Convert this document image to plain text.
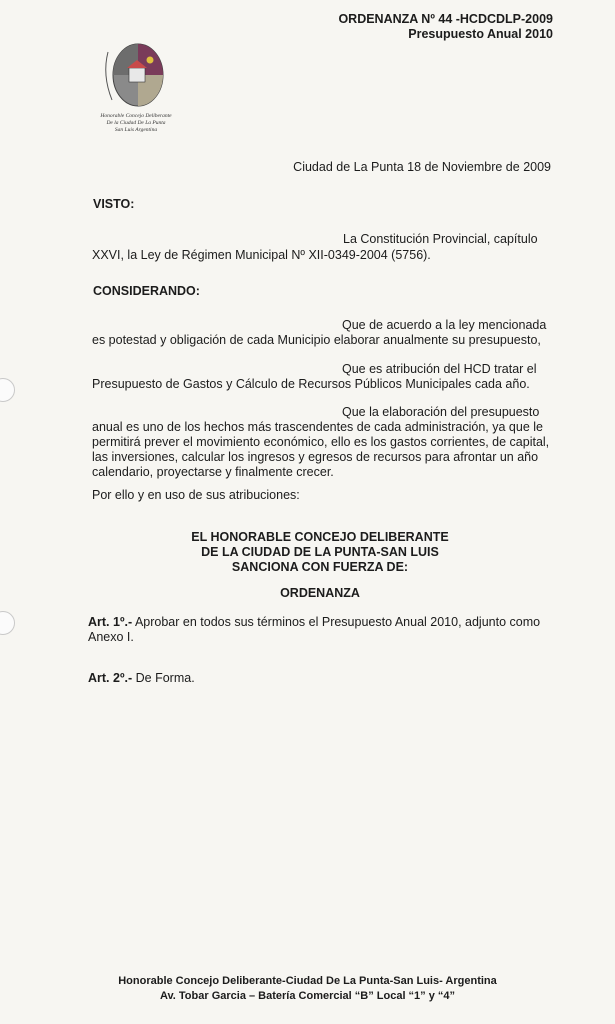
ORDENANZA Nº 44 -HCDCDLP-2009
Presupuesto Anual 2010
Honorable Concejo Deliberante
De la Ciudad De La Punta
San Luis Argentina
Ciudad de La Punta 18 de Noviembre de 2009
VISTO:
La Constitución Provincial, capítulo
XXVI, la Ley de Régimen Municipal Nº XII-0349-2004 (5756).
CONSIDERANDO:
Que de acuerdo a la ley mencionada
es potestad y obligación de cada Municipio elaborar anualmente su presupuesto,
Que es atribución del HCD tratar el
Presupuesto de Gastos y Cálculo de Recursos Públicos Municipales cada año.
Que la elaboración del presupuesto
anual es uno de los hechos más trascendentes de cada administración, ya que le
permitirá prever el movimiento económico, ello es los gastos corrientes, de capital,
las inversiones, calcular los ingresos y egresos de recursos para afrontar un año
calendario, proyectarse y finalmente crecer.
Por ello y en uso de sus atribuciones:
EL HONORABLE CONCEJO DELIBERANTE
DE LA CIUDAD DE LA PUNTA-SAN LUIS
SANCIONA CON FUERZA DE:
ORDENANZA
Art. 1º.- Aprobar en todos sus términos el Presupuesto Anual 2010, adjunto como
Anexo I.
Art. 2º.- De Forma.
Honorable Concejo Deliberante-Ciudad De La Punta-San Luis- Argentina
Av. Tobar Garcia – Batería Comercial “B” Local “1” y “4”
